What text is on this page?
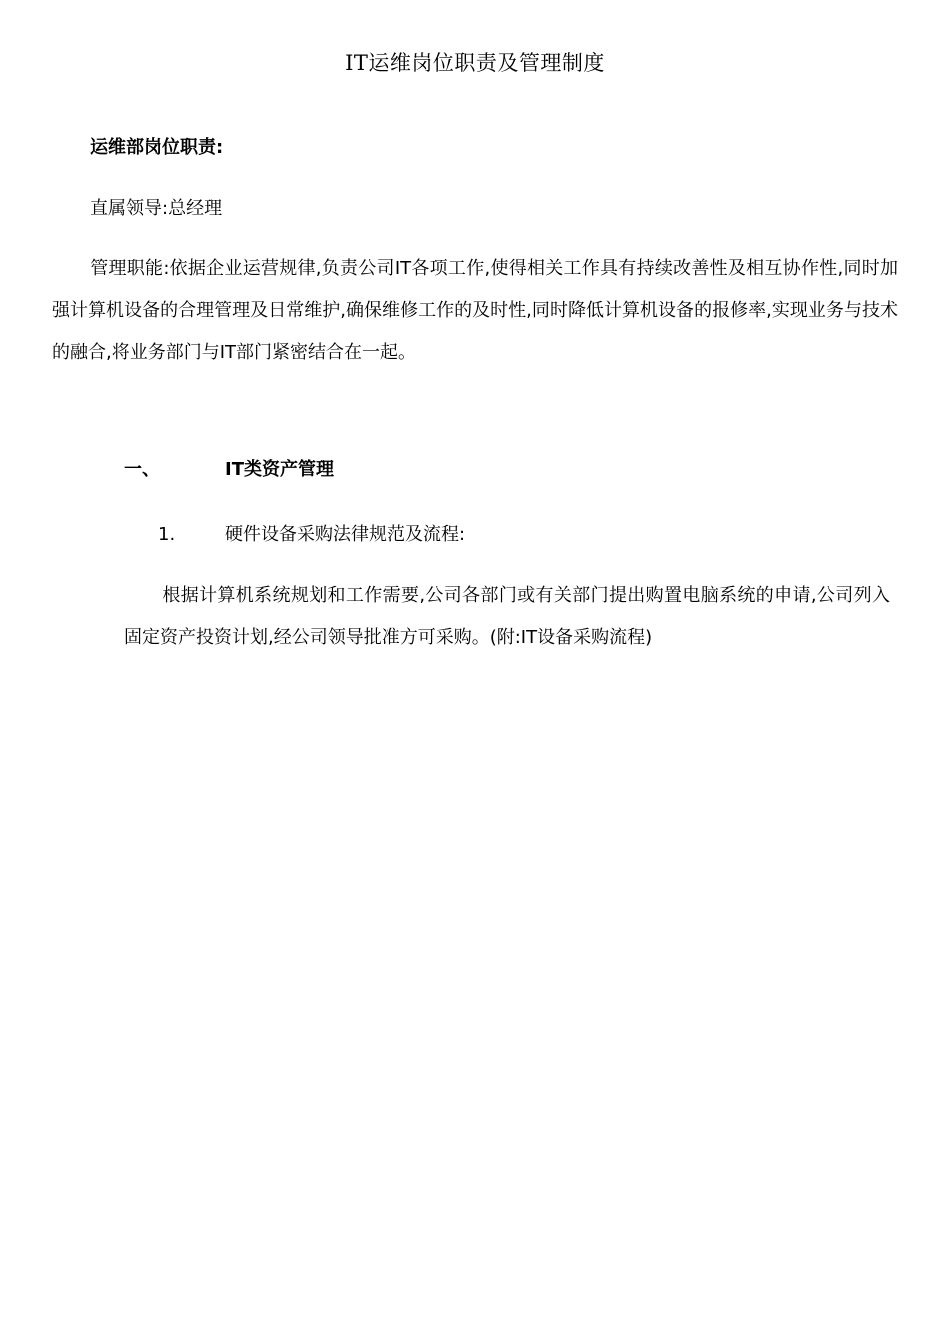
IT运维岗位职责及管理制度
运维部岗位职责:
直属领导:总经理
管理职能:依据企业运营规律,负责公司IT各项工作,使得相关工作具有持续改善性及相互协作性,同时加强计算机设备的合理管理及日常维护,确保维修工作的及时性,同时降低计算机设备的报修率,实现业务与技术的融合,将业务部门与IT部门紧密结合在一起。
一、	IT类资产管理
1.	硬件设备采购法律规范及流程:
根据计算机系统规划和工作需要,公司各部门或有关部门提出购置电脑系统的申请,公司列入固定资产投资计划,经公司领导批准方可采购。(附:IT设备采购流程)
